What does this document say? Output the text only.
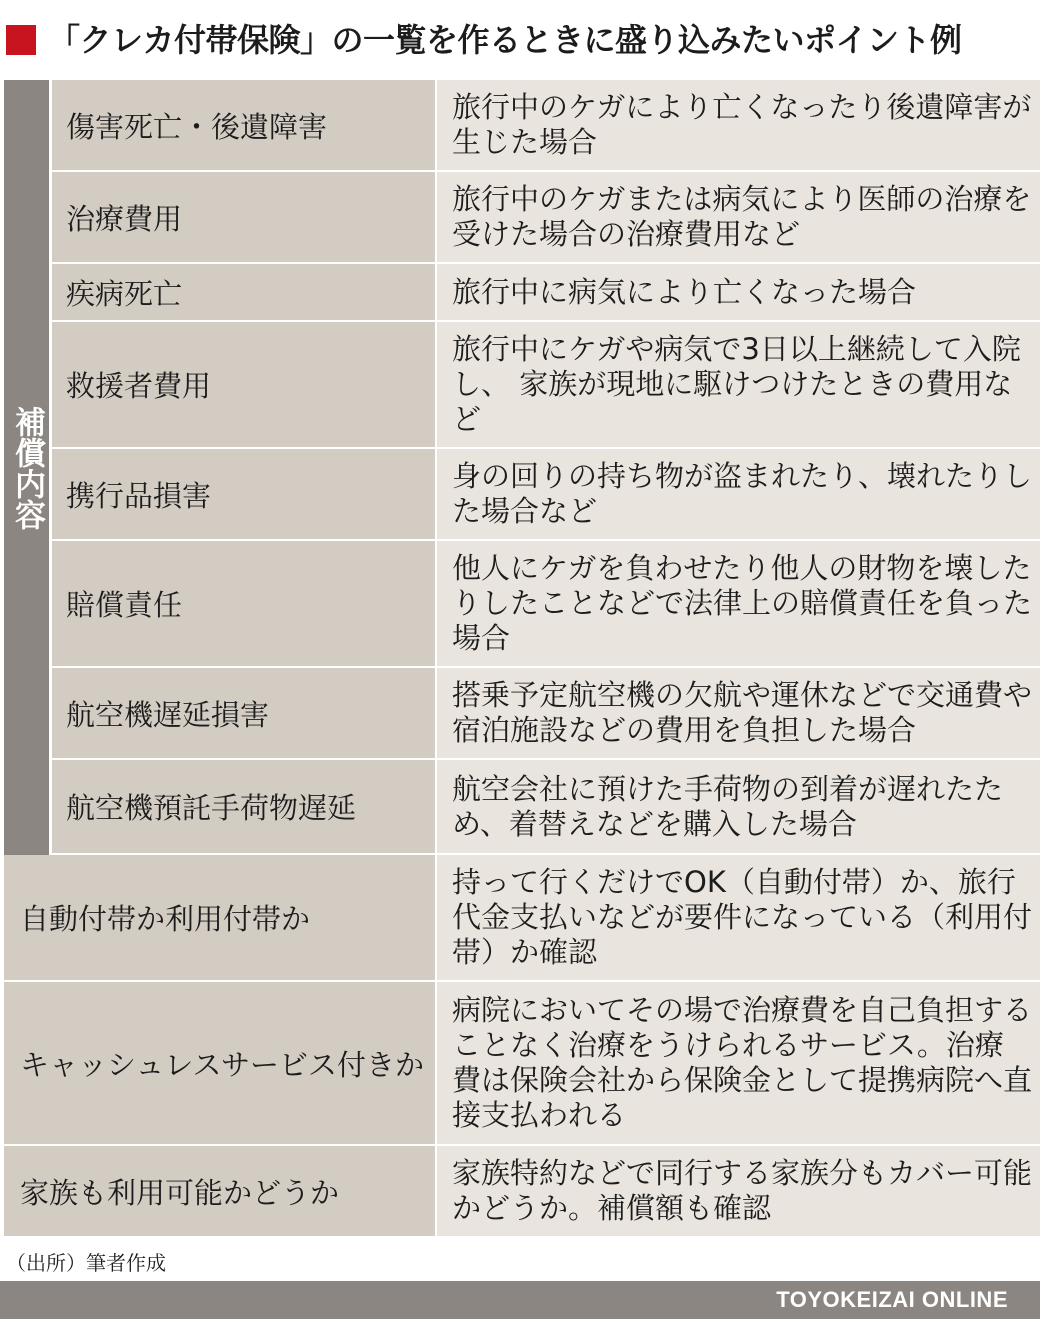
「クレカ付帯保険」の一覧を作るときに盛り込みたいポイント例
補償内容
傷害死亡・後遺障害
旅行中のケガにより亡くなったり後遺障害が生じた場合
治療費用
旅行中のケガまたは病気により医師の治療を受けた場合の治療費用など
疾病死亡	旅行中に病気により亡くなった場合
救援者費用
旅行中にケガや病気で3日以上継続して入院し、 家族が現地に駆けつけたときの費用など
携行品損害
身の回りの持ち物が盗まれたり、壊れたりした場合など
賠償責任
他人にケガを負わせたり他人の財物を壊したりしたことなどで法律上の賠償責任を負った場合
航空機遅延損害
搭乗予定航空機の欠航や運休などで交通費や宿泊施設などの費用を負担した場合
航空機預託手荷物遅延
航空会社に預けた手荷物の到着が遅れたため、着替えなどを購入した場合
自動付帯か利用付帯か
持って行くだけでOK（自動付帯）か、旅行代金支払いなどが要件になっている（利用付帯）か確認
キャッシュレスサービス付きか
病院においてその場で治療費を自己負担することなく治療をうけられるサービス。治療費は保険会社から保険金として提携病院へ直接支払われる
家族も利用可能かどうか
家族特約などで同行する家族分もカバー可能かどうか。補償額も確認
（出所）筆者作成
TOYOKEIZAI ONLINE
